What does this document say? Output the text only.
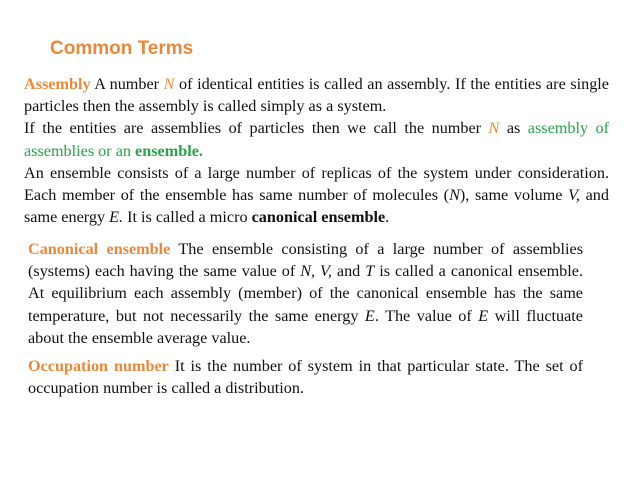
Common Terms

Assembly A number N of identical entities is called an assembly. If the entities are single particles then the assembly is called simply as a system.

If the entities are assemblies of particles then we call the number N as assembly of assemblies or an ensemble.

An ensemble consists of a large number of replicas of the system under consideration. Each member of the ensemble has same number of molecules (N), same volume V, and same energy E. It is called a micro canonical ensemble.

Canonical ensemble The ensemble consisting of a large number of assemblies (systems) each having the same value of N, V, and T is called a canonical ensemble. At equilibrium each assembly (member) of the canonical ensemble has the same temperature, but not necessarily the same energy E. The value of E will fluctuate about the ensemble average value.

Occupation number It is the number of system in that particular state. The set of occupation number is called a distribution.
